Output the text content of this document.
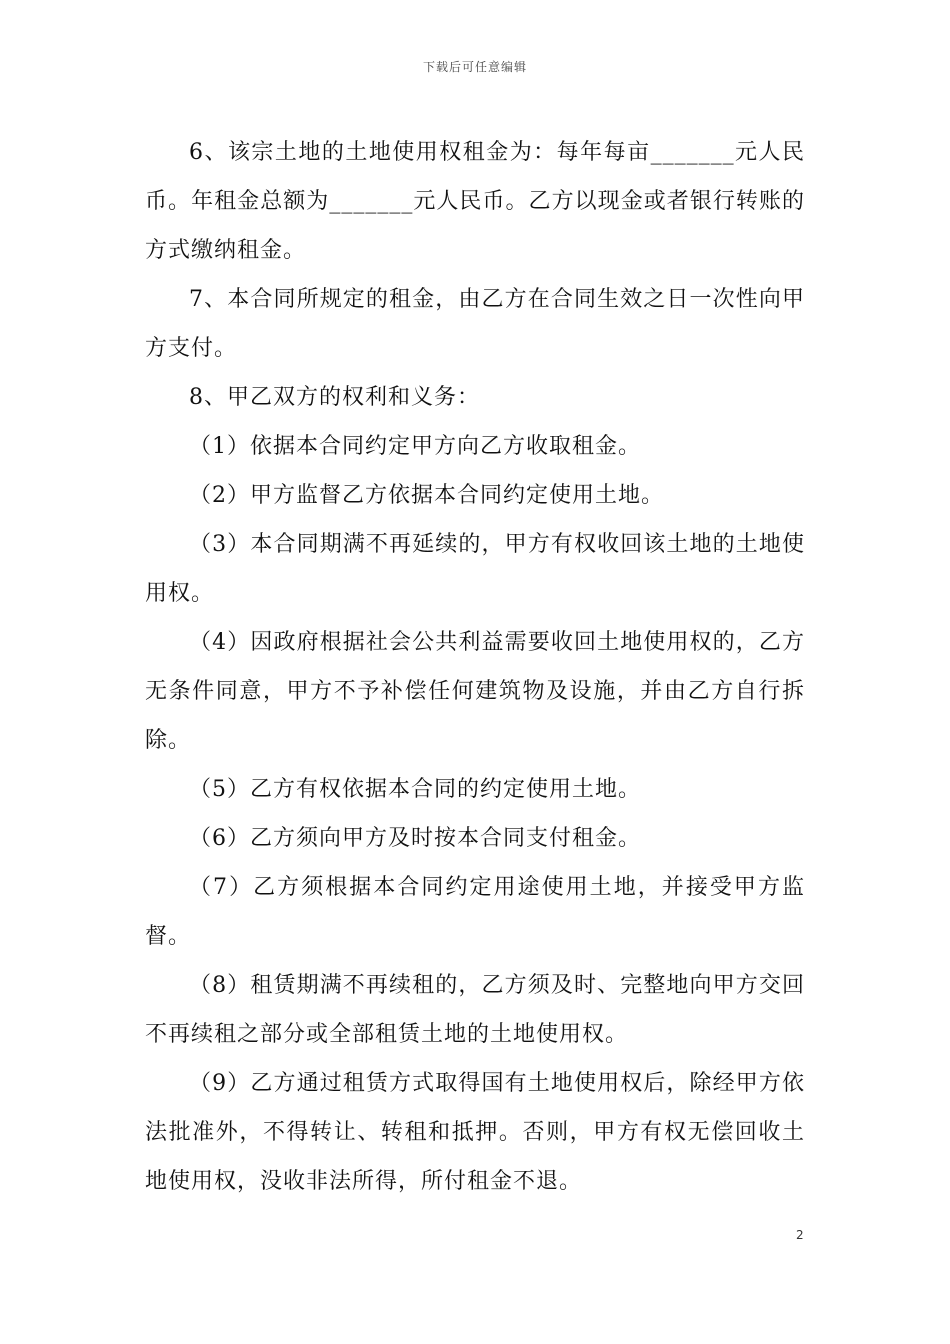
下载后可任意编辑

6、该宗土地的土地使用权租金为：每年每亩_______元人民币。年租金总额为_______元人民币。乙方以现金或者银行转账的方式缴纳租金。

7、本合同所规定的租金，由乙方在合同生效之日一次性向甲方支付。

8、甲乙双方的权利和义务：

（1）依据本合同约定甲方向乙方收取租金。

（2）甲方监督乙方依据本合同约定使用土地。

（3）本合同期满不再延续的，甲方有权收回该土地的土地使用权。

（4）因政府根据社会公共利益需要收回土地使用权的，乙方无条件同意，甲方不予补偿任何建筑物及设施，并由乙方自行拆除。

（5）乙方有权依据本合同的约定使用土地。

（6）乙方须向甲方及时按本合同支付租金。

（7）乙方须根据本合同约定用途使用土地，并接受甲方监督。

（8）租赁期满不再续租的，乙方须及时、完整地向甲方交回不再续租之部分或全部租赁土地的土地使用权。

（9）乙方通过租赁方式取得国有土地使用权后，除经甲方依法批准外，不得转让、转租和抵押。否则，甲方有权无偿回收土地使用权，没收非法所得，所付租金不退。

2
